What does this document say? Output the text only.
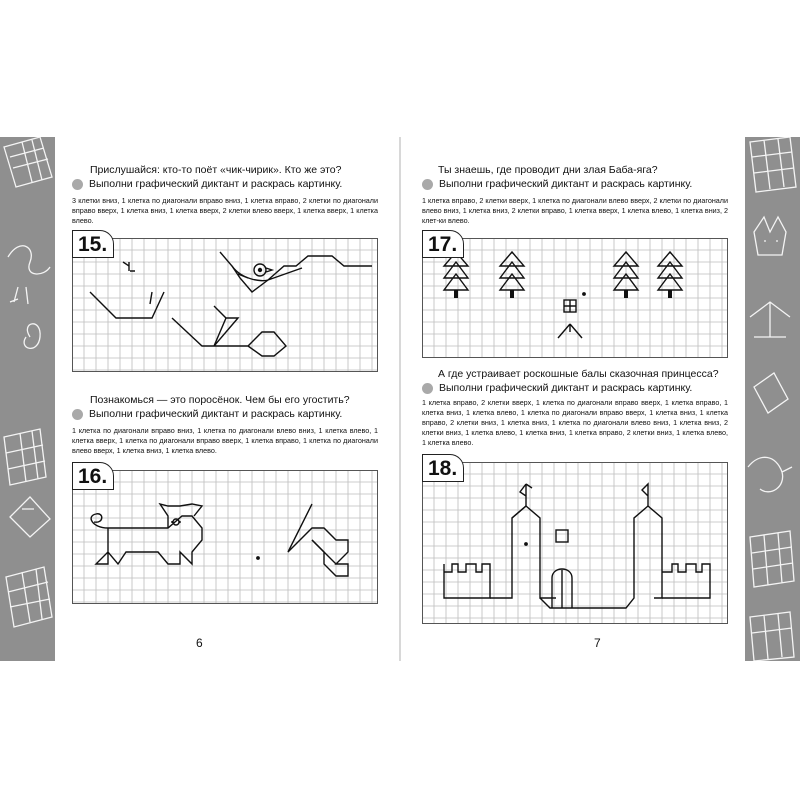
Прислушайся: кто-то поёт «чик-чирик». Кто же это?
Выполни графический диктант и раскрась картинку.
3 клетки вниз, 1 клетка по диагонали вправо вниз, 1 клетка вправо, 2 клетки по диагонали вправо вверх, 1 клетка вниз, 1 клетка вверх, 2 клетки влево вверх, 1 клетка вверх, 1 клетка влево.
15.
Познакомься — это поросёнок. Чем бы его угостить?
Выполни графический диктант и раскрась картинку.
1 клетка по диагонали вправо вниз, 1 клетка по диагонали влево вниз, 1 клетка влево, 1 клетка вверх, 1 клетка по диагонали вправо вверх, 1 клетка вправо, 1 клетка по диагонали влево вверх, 1 клетка вниз, 1 клетка влево.
16.
6
Ты знаешь, где проводит дни злая Баба-яга?
Выполни графический диктант и раскрась картинку.
1 клетка вправо, 2 клетки вверх, 1 клетка по диагонали влево вверх, 2 клетки по диагонали влево вниз, 1 клетка вниз, 2 клетки вправо, 1 клетка вверх, 1 клетка влево, 1 клетка вниз, 2 клет-ки влево.
17.
А где устраивает роскошные балы сказочная принцесса?
Выполни графический диктант и раскрась картинку.
1 клетка вправо, 2 клетки вверх, 1 клетка по диагонали вправо вверх, 1 клетка вправо, 1 клетка вниз, 1 клетка влево, 1 клетка по диагонали вправо вверх, 1 клетка вниз, 1 клетка вправо, 2 клетки вниз, 1 клетка вниз, 1 клетка по диагонали влево вниз, 1 клетка вниз, 2 клетки вниз, 1 клетка влево, 1 клетка вниз, 1 клетка вправо, 2 клетки вниз, 1 клетка влево, 1 клетка влево.
18.
7
